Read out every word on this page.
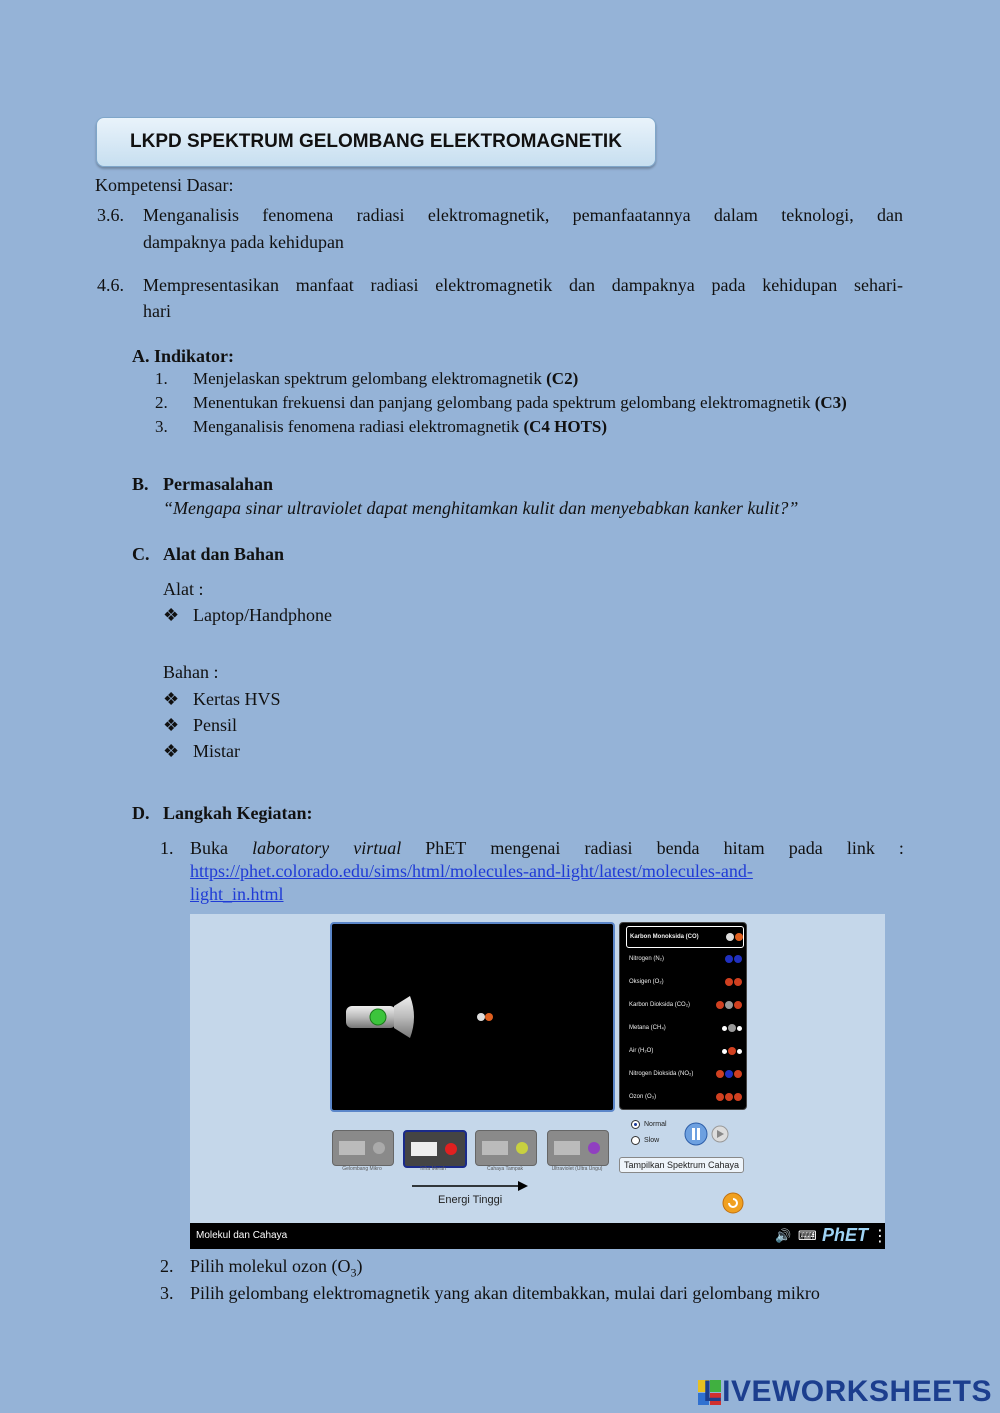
LKPD SPEKTRUM GELOMBANG ELEKTROMAGNETIK
Kompetensi Dasar:
3.6. Menganalisis fenomena radiasi elektromagnetik, pemanfaatannya dalam teknologi, dan
dampaknya pada kehidupan
4.6. Mempresentasikan manfaat radiasi elektromagnetik dan dampaknya pada kehidupan sehari-
hari
A. Indikator:
1. Menjelaskan spektrum gelombang elektromagnetik (C2)
2. Menentukan frekuensi dan panjang gelombang pada spektrum gelombang elektromagnetik (C3)
3. Menganalisis fenomena radiasi elektromagnetik (C4 HOTS)
B. Permasalahan
“Mengapa sinar ultraviolet dapat menghitamkan kulit dan menyebabkan kanker kulit?”
C. Alat dan Bahan
Alat :
❖ Laptop/Handphone
Bahan :
❖ Kertas HVS
❖ Pensil
❖ Mistar
D. Langkah Kegiatan:
1. Buka laboratory virtual PhET mengenai radiasi benda hitam pada link :
https://phet.colorado.edu/sims/html/molecules-and-light/latest/molecules-and-
light_in.html
Karbon Monoksida (CO)
Nitrogen (N₂)
Oksigen (O₂)
Karbon Dioksida (CO₂)
Metana (CH₄)
Air (H₂O)
Nitrogen Dioksida (NO₂)
Ozon (O₃)
Gelombang Mikro	Infra Merah	Cahaya Tampak	Ultraviolet (Ultra Ungu)
Energi Tinggi
Normal
Slow
Tampilkan Spektrum Cahaya
Molekul dan Cahaya	🔊 ⌨ PhET ⋮
2. Pilih molekul ozon $(O_3)$
3. Pilih gelombang elektromagnetik yang akan ditembakkan, mulai dari gelombang mikro
LIVEWORKSHEETS
